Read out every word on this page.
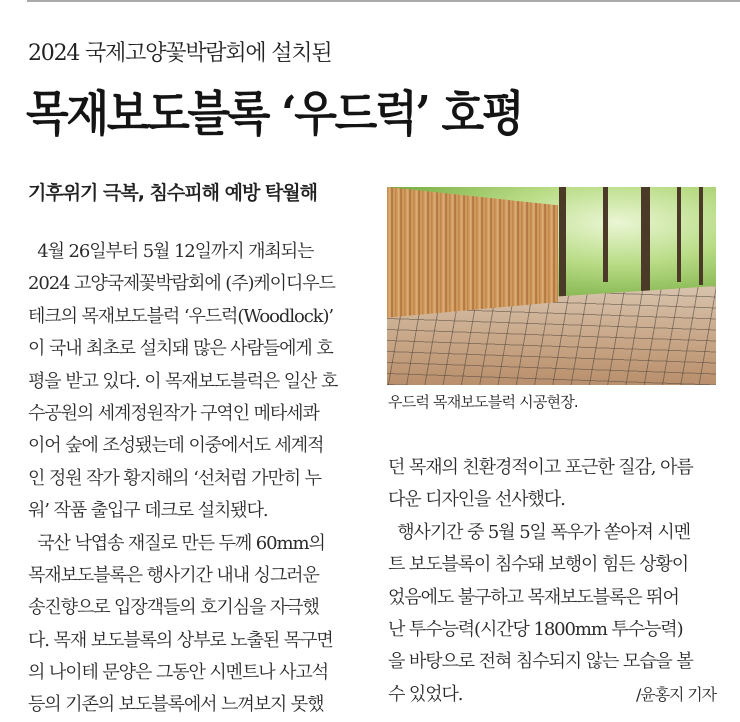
2024 국제고양꽃박람회에 설치된
목재보도블록 ‘우드럭’ 호평
기후위기 극복, 침수피해 예방 탁월해
우드럭 목재보도블럭 시공현장.
4월 26일부터 5월 12일까지 개최되는
2024 고양국제꽃박람회에 (주)케이디우드
테크의 목재보도블럭 ‘우드럭(Woodlock)’
이 국내 최초로 설치돼 많은 사람들에게 호
평을 받고 있다. 이 목재보도블럭은 일산 호
수공원의 세계정원작가 구역인 메타세콰
이어 숲에 조성됐는데 이중에서도 세계적
인 정원 작가 황지해의 ‘선처럼 가만히 누
워’ 작품 출입구 데크로 설치됐다.
국산 낙엽송 재질로 만든 두께 60mm의
목재보도블록은 행사기간 내내 싱그러운
송진향으로 입장객들의 호기심을 자극했
다. 목재 보도블록의 상부로 노출된 목구면
의 나이테 문양은 그동안 시멘트나 사고석
등의 기존의 보도블록에서 느껴보지 못했
던 목재의 친환경적이고 포근한 질감, 아름
다운 디자인을 선사했다.
행사기간 중 5월 5일 폭우가 쏟아져 시멘
트 보도블록이 침수돼 보행이 힘든 상황이
었음에도 불구하고 목재보도블록은 뛰어
난 투수능력(시간당 1800mm 투수능력)
을 바탕으로 전혀 침수되지 않는 모습을 볼
수 있었다.	/윤홍지 기자
